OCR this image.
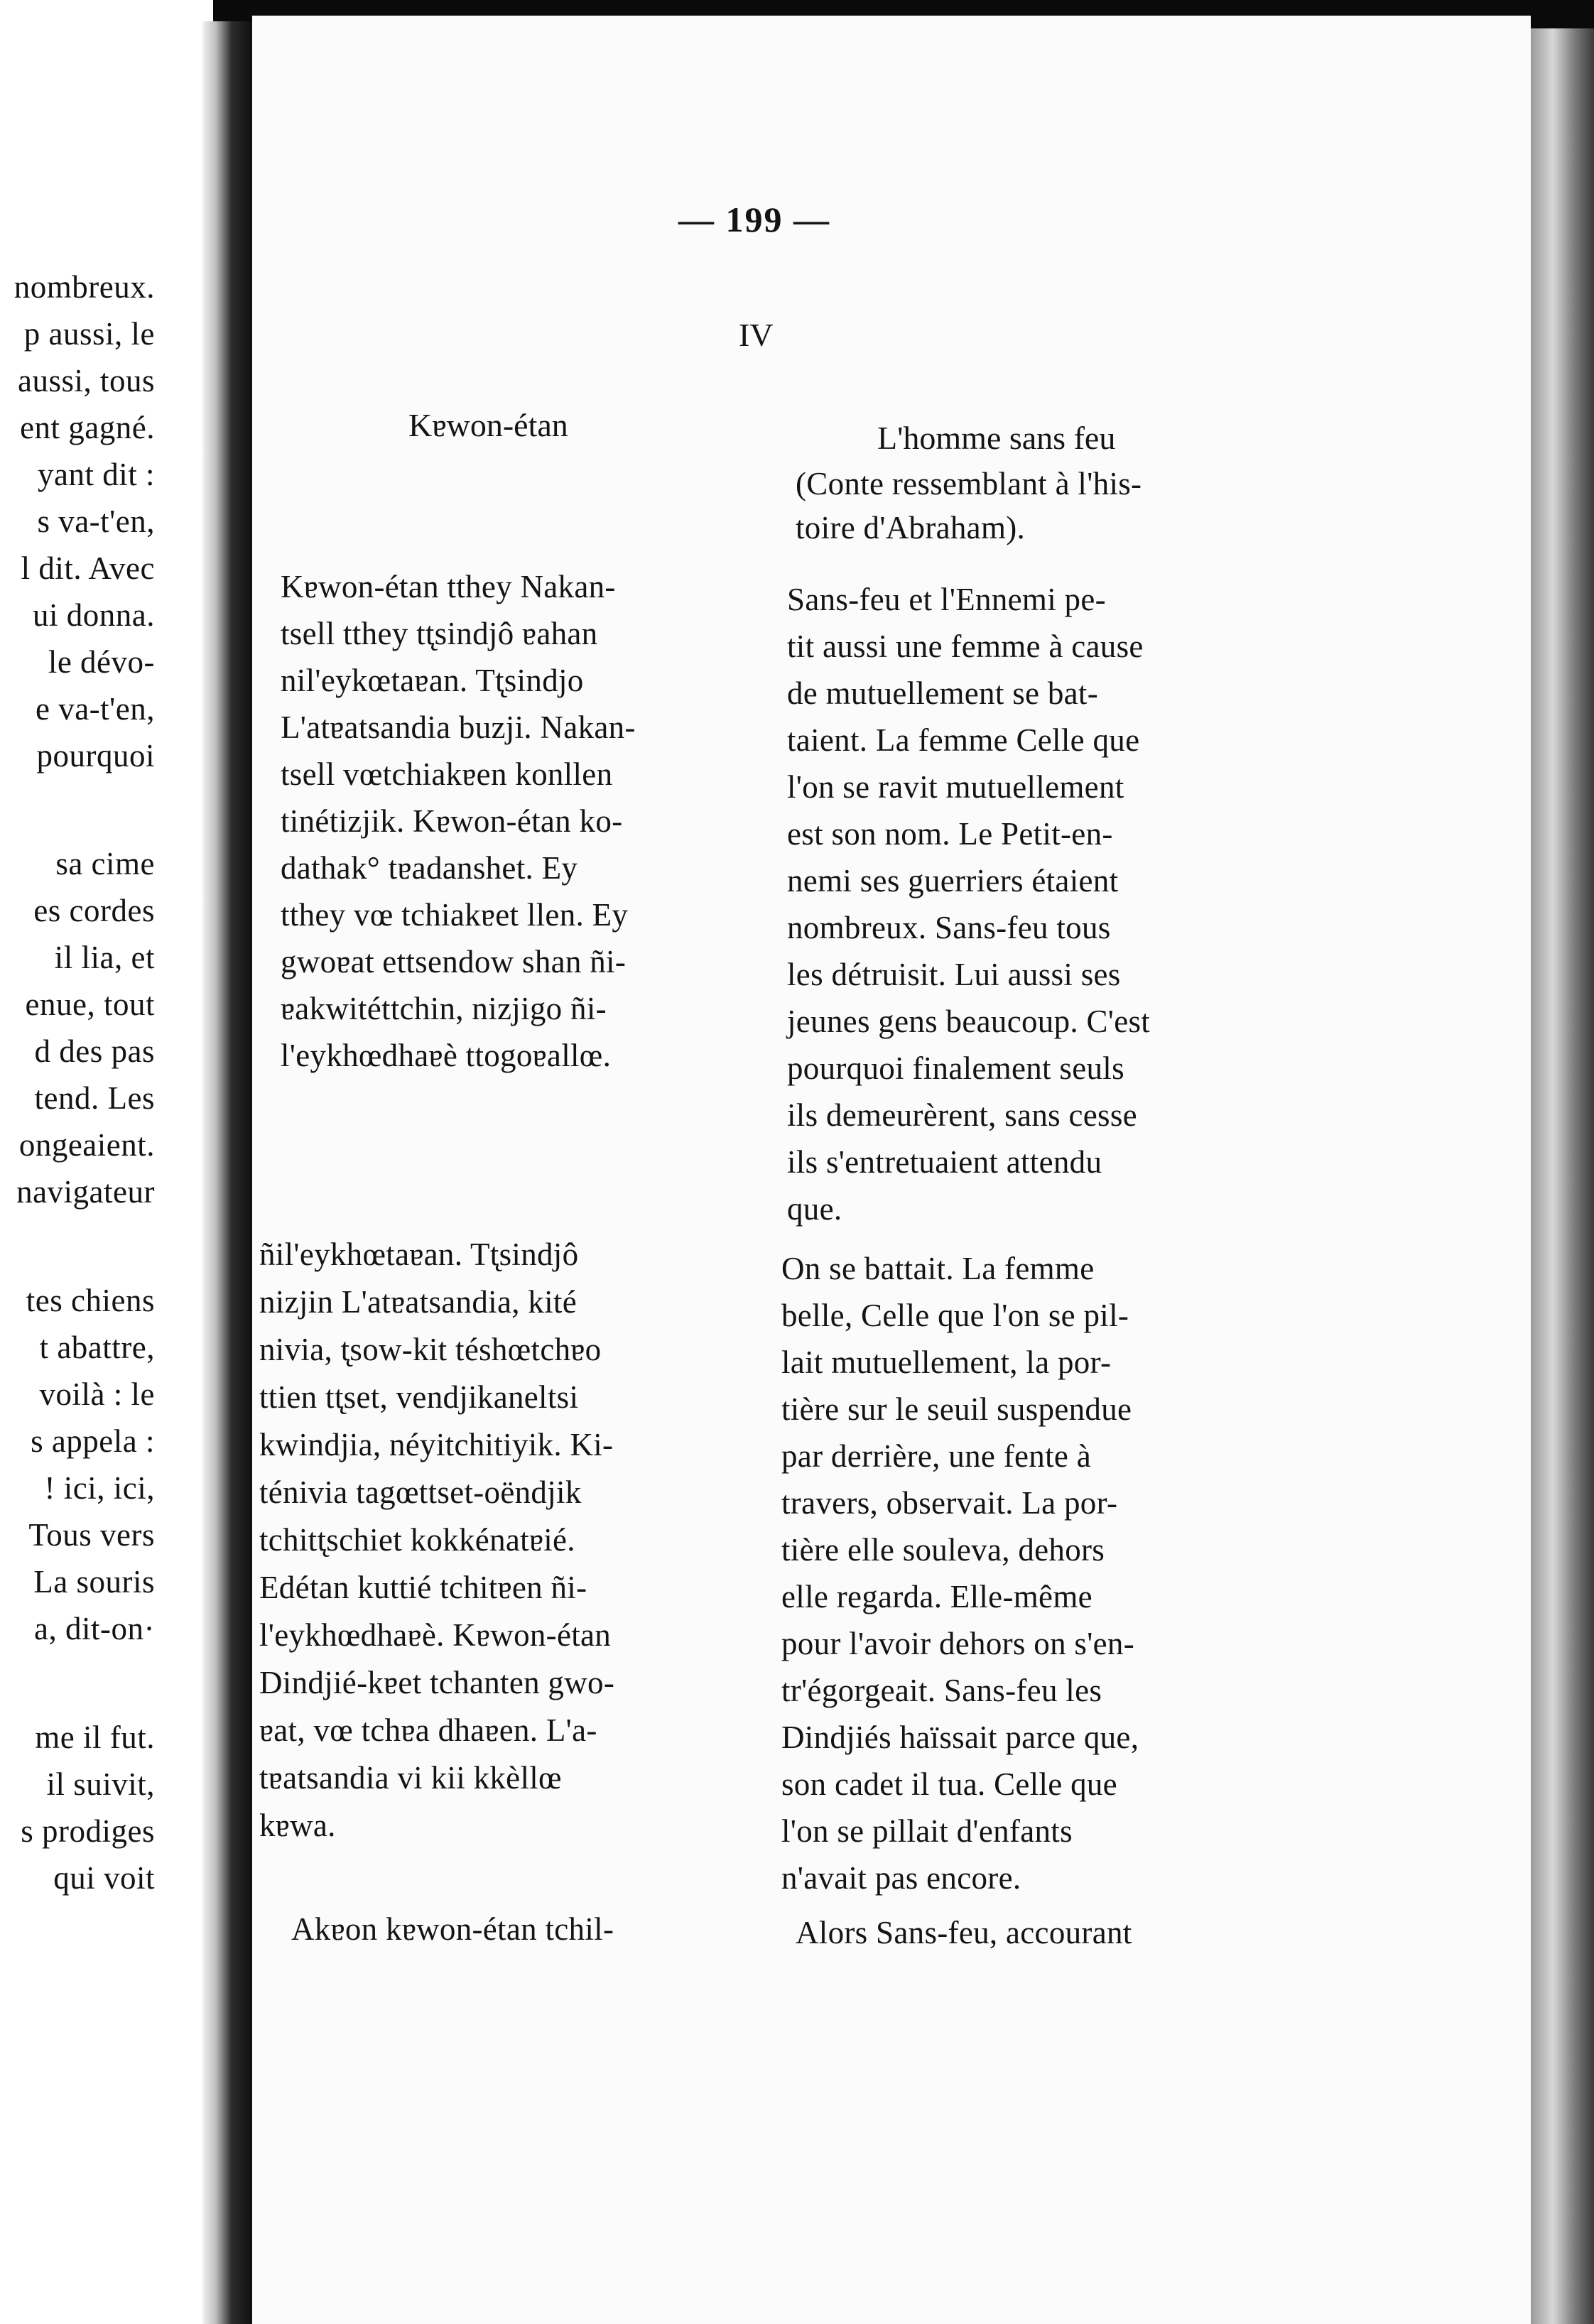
nombreux.
p aussi, le
aussi, tous
ent gagné.
yant dit :
s va-t'en,
l dit. Avec
ui donna.
le dévo-
e va-t'en,
pourquoi
sa cime
es cordes
il lia, et
enue, tout
d des pas
tend. Les
ongeaient.
navigateur
tes chiens
t abattre,
voilà : le
s appela :
! ici, ici,
Tous vers
La souris
a, dit-on·
me il fut.
il suivit,
s prodiges
qui voit
— 199 —
IV
Kɐwon-étan	L'homme sans feu
Kɐwon-étan tthey Nakan-
tsell tthey tt̨sindjô ɐahan
nil'eykœtaɐan. Tt̨sindjo
L'atɐatsandia buzji. Nakan-
tsell vœtchiakɐen konllen
tinétizjik. Kɐwon-étan ko-
dathak° tɐadanshet. Ey
tthey vœ tchiakɐet llen. Ey
gwoɐat ettsendow shan ñi-
ɐakwitéttchin, nizjigo ñi-
l'eykhœdhaɐè ttogoɐallœ.
ñil'eykhœtaɐan. Tt̨sindjô
nizjin L'atɐatsandia, kité
nivia, t̨sow-kit téshœtchɐo
ttien tt̨set, vendjikaneltsi
kwindjia, néyitchitiyik. Ki-
ténivia tagœttset-oëndjik
tchitt̨schiet kokkénatɐié.
Edétan kuttié tchitɐen ñi-
l'eykhœdhaɐè. Kɐwon-étan
Dindjié-kɐet tchanten gwo-
ɐat, vœ tchɐa dhaɐen. L'a-
tɐatsandia vi kii kkèllœ
kɐwa.
Akɐon kɐwon-étan tchil-
(Conte ressemblant à l'his-
toire d'Abraham).
Sans-feu et l'Ennemi pe-
tit aussi une femme à cause
de mutuellement se bat-
taient. La femme Celle que
l'on se ravit mutuellement
est son nom. Le Petit-en-
nemi ses guerriers étaient
nombreux. Sans-feu tous
les détruisit. Lui aussi ses
jeunes gens beaucoup. C'est
pourquoi finalement seuls
ils demeurèrent, sans cesse
ils s'entretuaient attendu
que.
On se battait. La femme
belle, Celle que l'on se pil-
lait mutuellement, la por-
tière sur le seuil suspendue
par derrière, une fente à
travers, observait. La por-
tière elle souleva, dehors
elle regarda. Elle-même
pour l'avoir dehors on s'en-
tr'égorgeait. Sans-feu les
Dindjiés haïssait parce que,
son cadet il tua. Celle que
l'on se pillait d'enfants
n'avait pas encore.
Alors Sans-feu, accourant
